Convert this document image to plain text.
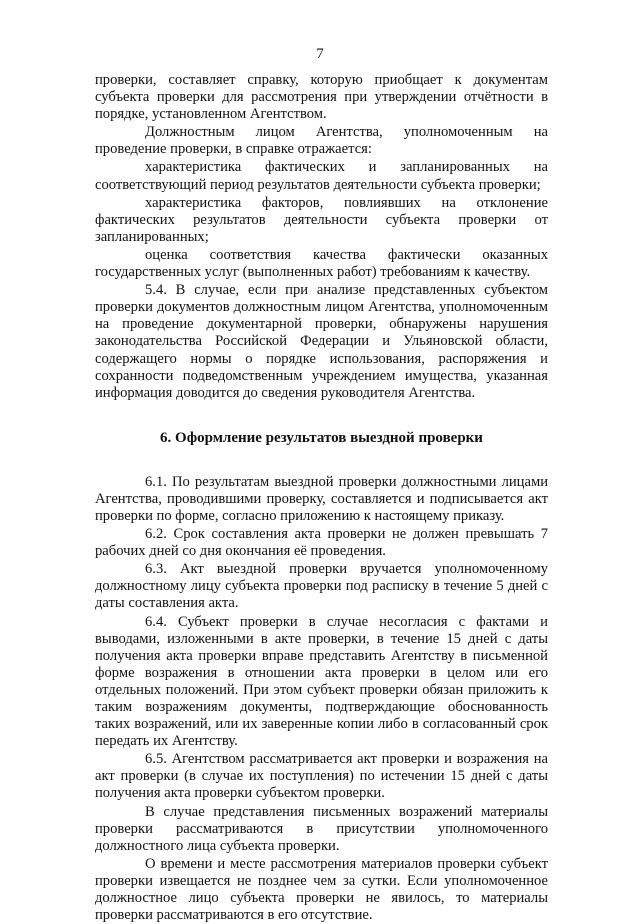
7

проверки, составляет справку, которую приобщает к документам субъекта проверки для рассмотрения при утверждении отчётности в порядке, установленном Агентством.

Должностным лицом Агентства, уполномоченным на проведение проверки, в справке отражается:

характеристика фактических и запланированных на соответствующий период результатов деятельности субъекта проверки;

характеристика факторов, повлиявших на отклонение фактических результатов деятельности субъекта проверки от запланированных;

оценка соответствия качества фактически оказанных государственных услуг (выполненных работ) требованиям к качеству.

5.4. В случае, если при анализе представленных субъектом проверки документов должностным лицом Агентства, уполномоченным на проведение документарной проверки, обнаружены нарушения законодательства Российской Федерации и Ульяновской области, содержащего нормы о порядке использования, распоряжения и сохранности подведомственным учреждением имущества, указанная информация доводится до сведения руководителя Агентства.

6. Оформление результатов выездной проверки

6.1. По результатам выездной проверки должностными лицами Агентства, проводившими проверку, составляется и подписывается акт проверки по форме, согласно приложению к настоящему приказу.

6.2. Срок составления акта проверки не должен превышать 7 рабочих дней со дня окончания её проведения.

6.3. Акт выездной проверки вручается уполномоченному должностному лицу субъекта проверки под расписку в течение 5 дней с даты составления акта.

6.4. Субъект проверки в случае несогласия с фактами и выводами, изложенными в акте проверки, в течение 15 дней с даты получения акта проверки вправе представить Агентству в письменной форме возражения в отношении акта проверки в целом или его отдельных положений. При этом субъект проверки обязан приложить к таким возражениям документы, подтверждающие обоснованность таких возражений, или их заверенные копии либо в согласованный срок передать их Агентству.

6.5. Агентством рассматривается акт проверки и возражения на акт проверки (в случае их поступления) по истечении 15 дней с даты получения акта проверки субъектом проверки.

В случае представления письменных возражений материалы проверки рассматриваются в присутствии уполномоченного должностного лица субъекта проверки.

О времени и месте рассмотрения материалов проверки субъект проверки извещается не позднее чем за сутки. Если уполномоченное должностное лицо субъекта проверки не явилось, то материалы проверки рассматриваются в его отсутствие.
